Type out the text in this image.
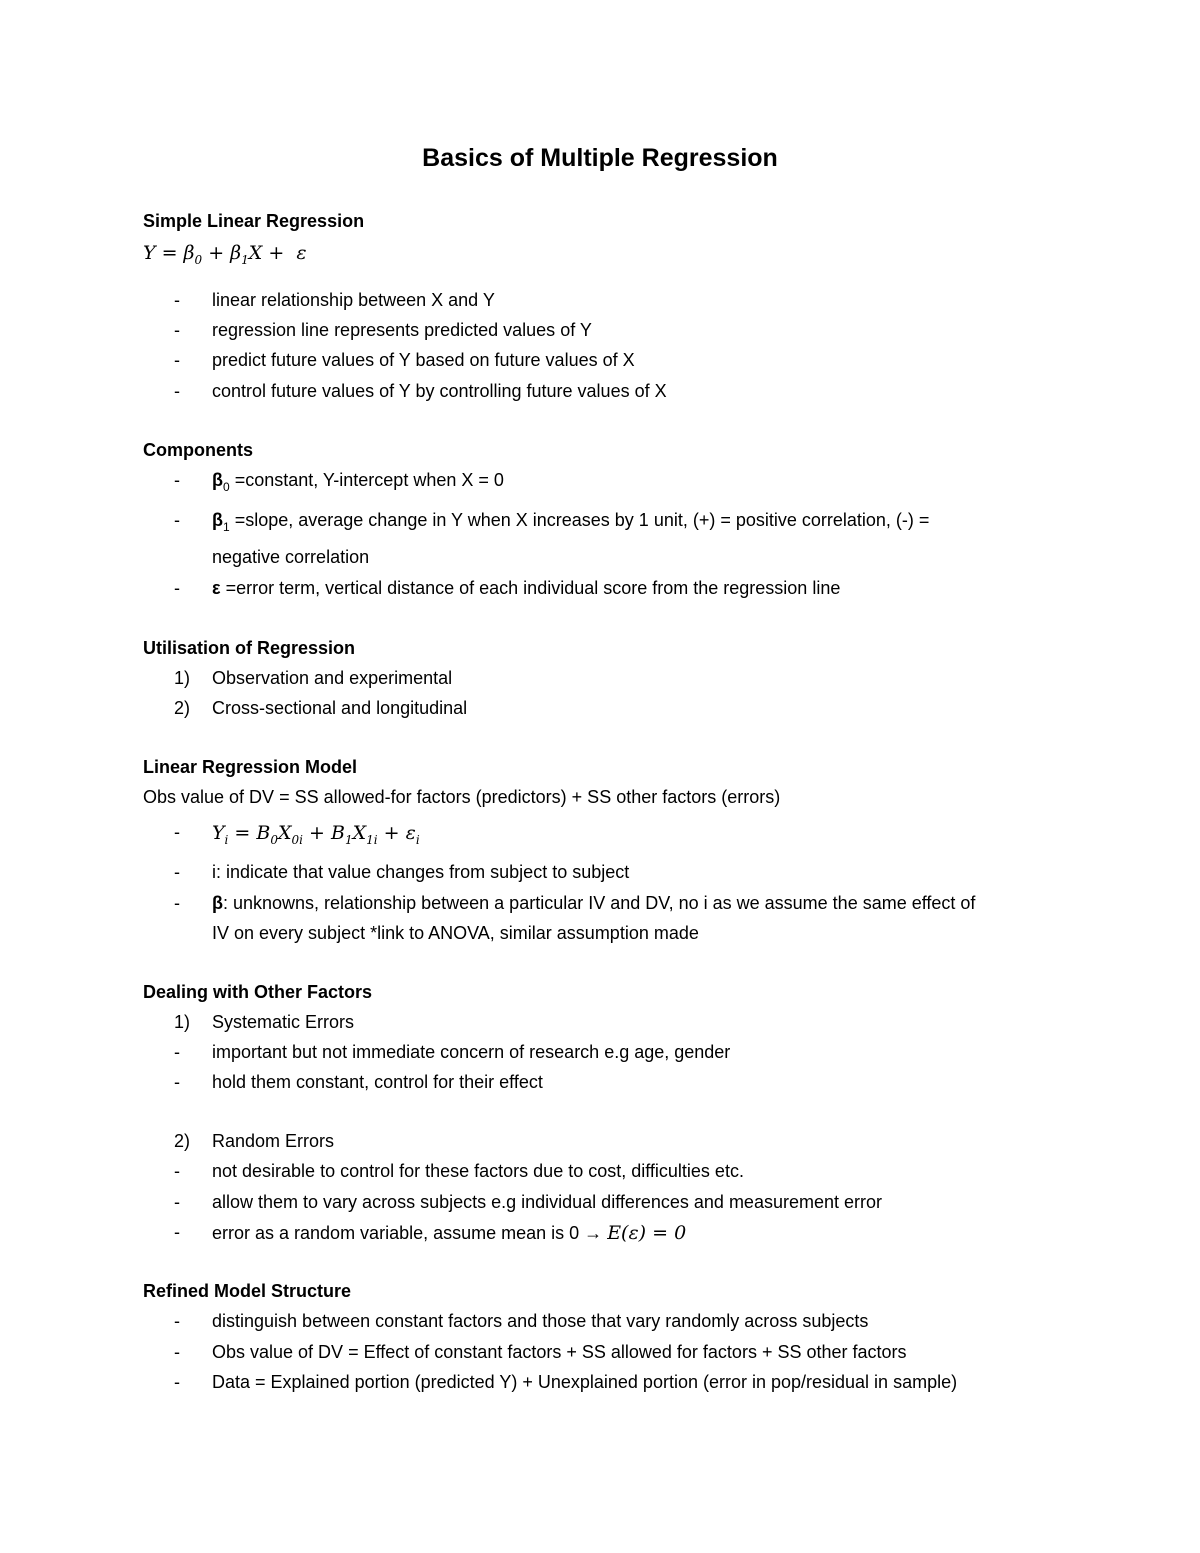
Basics of Multiple Regression
Simple Linear Regression
$Y = \beta_0 + \beta_1X + \varepsilon$
- linear relationship between X and Y
- regression line represents predicted values of Y
- predict future values of Y based on future values of X
- control future values of Y by controlling future values of X
Components
- $\beta_0$ =constant, Y-intercept when X = 0
- $\beta_1$ =slope, average change in Y when X increases by 1 unit, (+) = positive correlation, (-) =
negative correlation
- ε =error term, vertical distance of each individual score from the regression line
Utilisation of Regression
1) Observation and experimental
2) Cross-sectional and longitudinal
Linear Regression Model
Obs value of DV = SS allowed-for factors (predictors) + SS other factors (errors)
- $Y_i = B_0X_{0i} + B_1X_{1i} + \varepsilon_i$
- i: indicate that value changes from subject to subject
- β: unknowns, relationship between a particular IV and DV, no i as we assume the same effect of
IV on every subject *link to ANOVA, similar assumption made
Dealing with Other Factors
1) Systematic Errors
- important but not immediate concern of research e.g age, gender
- hold them constant, control for their effect
2) Random Errors
- not desirable to control for these factors due to cost, difficulties etc.
- allow them to vary across subjects e.g individual differences and measurement error
- error as a random variable, assume mean is 0 → E(ε) = 0
Refined Model Structure
- distinguish between constant factors and those that vary randomly across subjects
- Obs value of DV = Effect of constant factors + SS allowed for factors + SS other factors
- Data = Explained portion (predicted Y) + Unexplained portion (error in pop/residual in sample)
